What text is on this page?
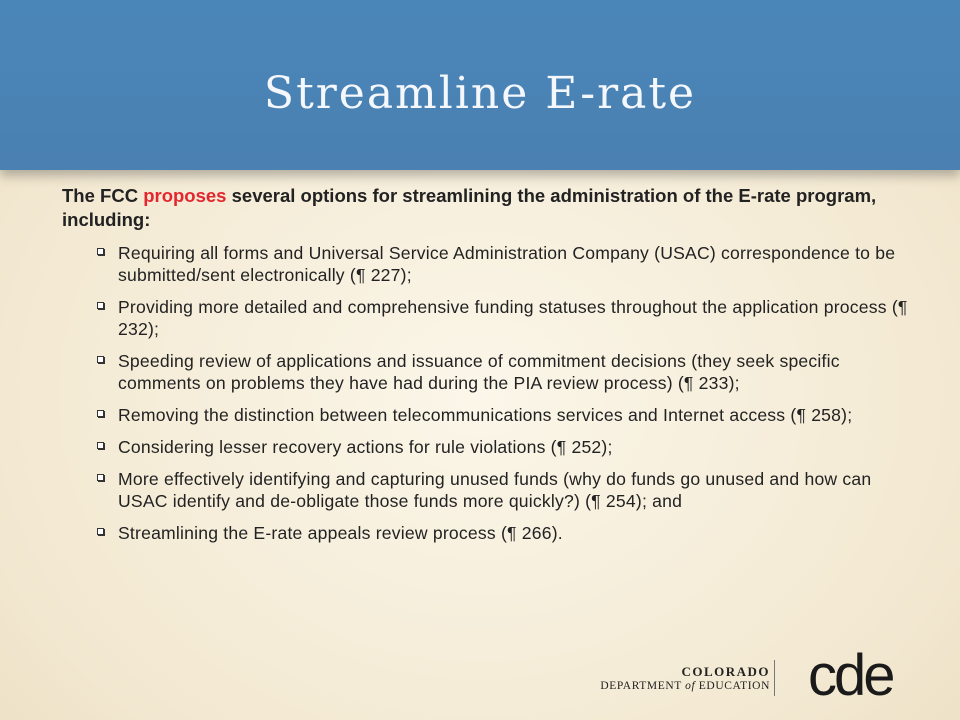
Streamline E-rate

The FCC proposes several options for streamlining the administration of the E-rate program, including:

Requiring all forms and Universal Service Administration Company (USAC) correspondence to be submitted/sent electronically (¶ 227);
Providing more detailed and comprehensive funding statuses throughout the application process (¶ 232);
Speeding review of applications and issuance of commitment decisions (they seek specific comments on problems they have had during the PIA review process) (¶ 233);
Removing the distinction between telecommunications services and Internet access (¶ 258);
Considering lesser recovery actions for rule violations (¶ 252);
More effectively identifying and capturing unused funds (why do funds go unused and how can USAC identify and de-obligate those funds more quickly?) (¶ 254); and
Streamlining the E-rate appeals review process (¶ 266).
COLORADO
DEPARTMENT of EDUCATION cde
